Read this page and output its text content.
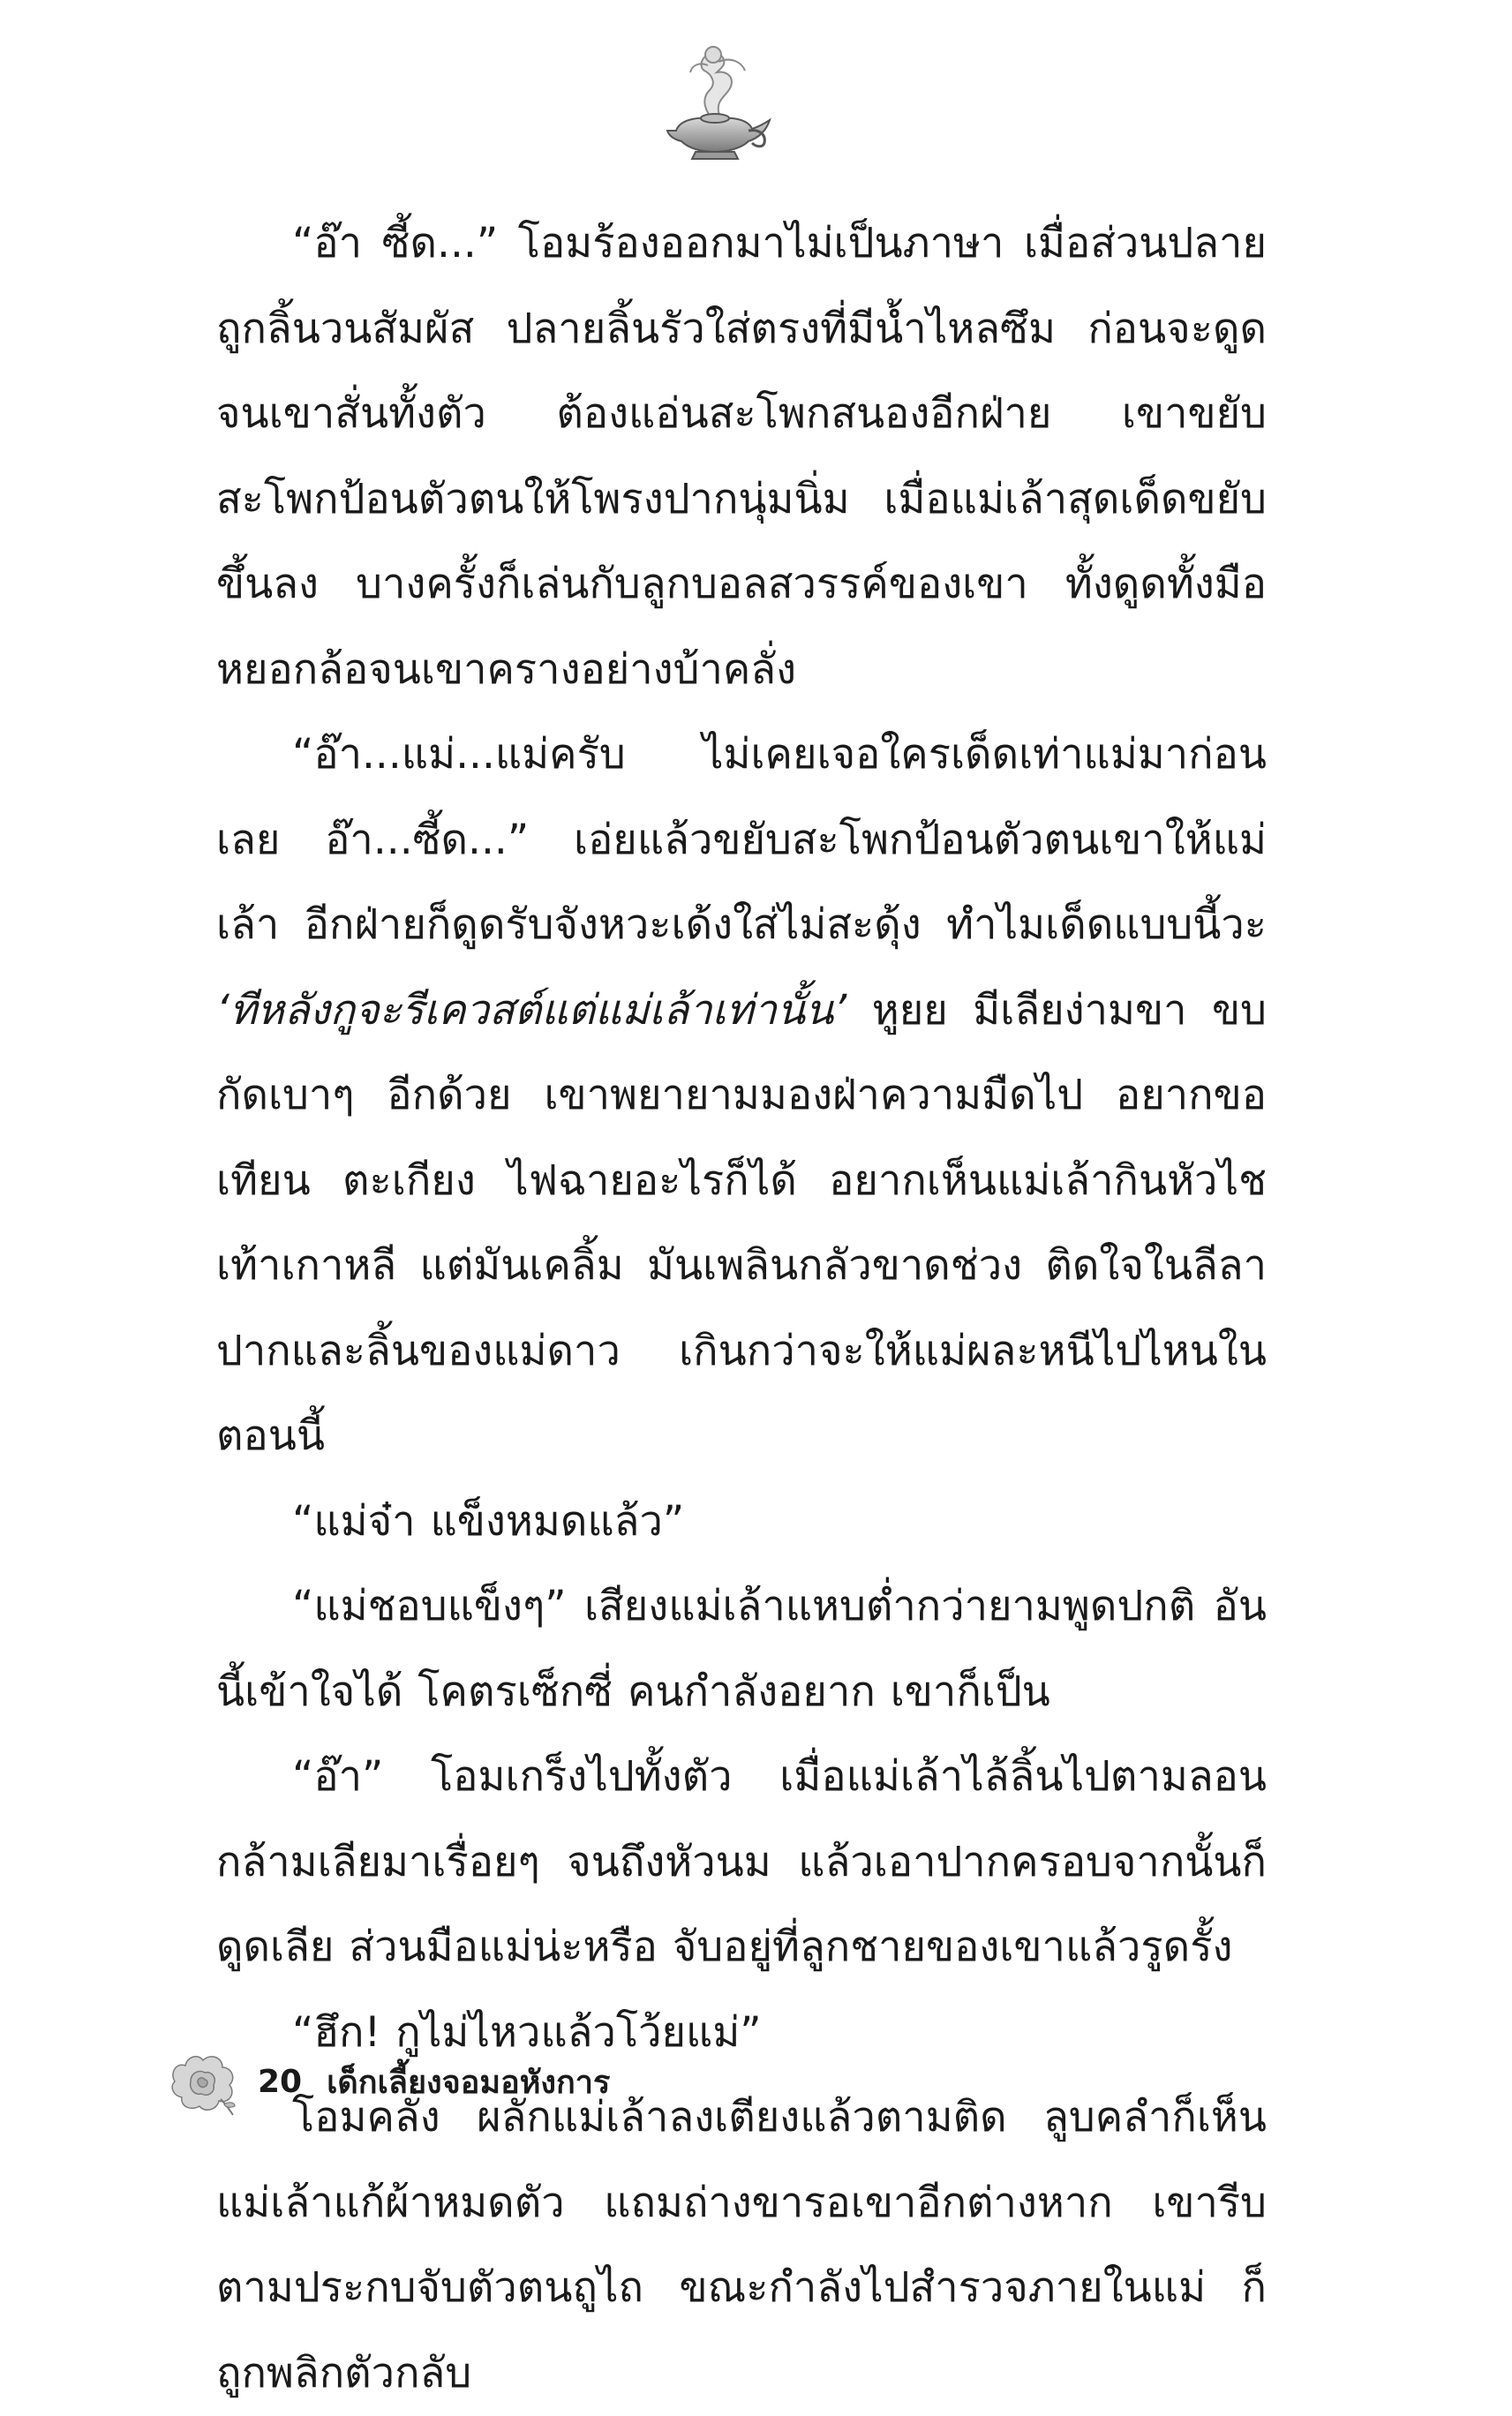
“อ๊า ซี้ด...” โอมร้องออกมาไม่เป็นภาษา เมื่อส่วนปลายถูกลิ้นวนสัมผัส ปลายลิ้นรัวใส่ตรงที่มีน้ำไหลซึม ก่อนจะดูดจนเขาสั่นทั้งตัว ต้องแอ่นสะโพกสนองอีกฝ่าย เขาขยับสะโพกป้อนตัวตนให้โพรงปากนุ่มนิ่ม เมื่อแม่เล้าสุดเด็ดขยับขึ้นลง บางครั้งก็เล่นกับลูกบอลสวรรค์ของเขา ทั้งดูดทั้งมือหยอกล้อจนเขาครางอย่างบ้าคลั่ง

“อ๊า...แม่...แม่ครับ ไม่เคยเจอใครเด็ดเท่าแม่มาก่อนเลย อ๊า...ซี้ด...” เอ่ยแล้วขยับสะโพกป้อนตัวตนเขาให้แม่เล้า อีกฝ่ายก็ดูดรับจังหวะเด้งใส่ไม่สะดุ้ง ทำไมเด็ดแบบนี้วะ ‘ทีหลังกูจะรีเควสต์แต่แม่เล้าเท่านั้น’ หูยย มีเลียง่ามขา ขบกัดเบาๆ อีกด้วย เขาพยายามมองฝ่าความมืดไป อยากขอเทียน ตะเกียง ไฟฉายอะไรก็ได้ อยากเห็นแม่เล้ากินหัวไชเท้าเกาหลี แต่มันเคลิ้ม มันเพลินกลัวขาดช่วง ติดใจในลีลาปากและลิ้นของแม่ดาว เกินกว่าจะให้แม่ผละหนีไปไหนในตอนนี้

“แม่จ๋า แข็งหมดแล้ว”

“แม่ชอบแข็งๆ” เสียงแม่เล้าแหบต่ำกว่ายามพูดปกติ อันนี้เข้าใจได้ โคตรเซ็กซี่ คนกำลังอยาก เขาก็เป็น

“อ๊า” โอมเกร็งไปทั้งตัว เมื่อแม่เล้าไล้ลิ้นไปตามลอนกล้ามเลียมาเรื่อยๆ จนถึงหัวนม แล้วเอาปากครอบจากนั้นก็ดูดเลีย ส่วนมือแม่น่ะหรือ จับอยู่ที่ลูกชายของเขาแล้วรูดรั้ง

“ฮึก! กูไม่ไหวแล้วโว้ยแม่”

โอมคลั่ง ผลักแม่เล้าลงเตียงแล้วตามติด ลูบคลำก็เห็นแม่เล้าแก้ผ้าหมดตัว แถมถ่างขารอเขาอีกต่างหาก เขารีบตามประกบจับตัวตนถูไถ ขณะกำลังไปสำรวจภายในแม่ ก็ถูกพลิกตัวกลับ

20 เด็กเลี้ยงจอมอหังการ
